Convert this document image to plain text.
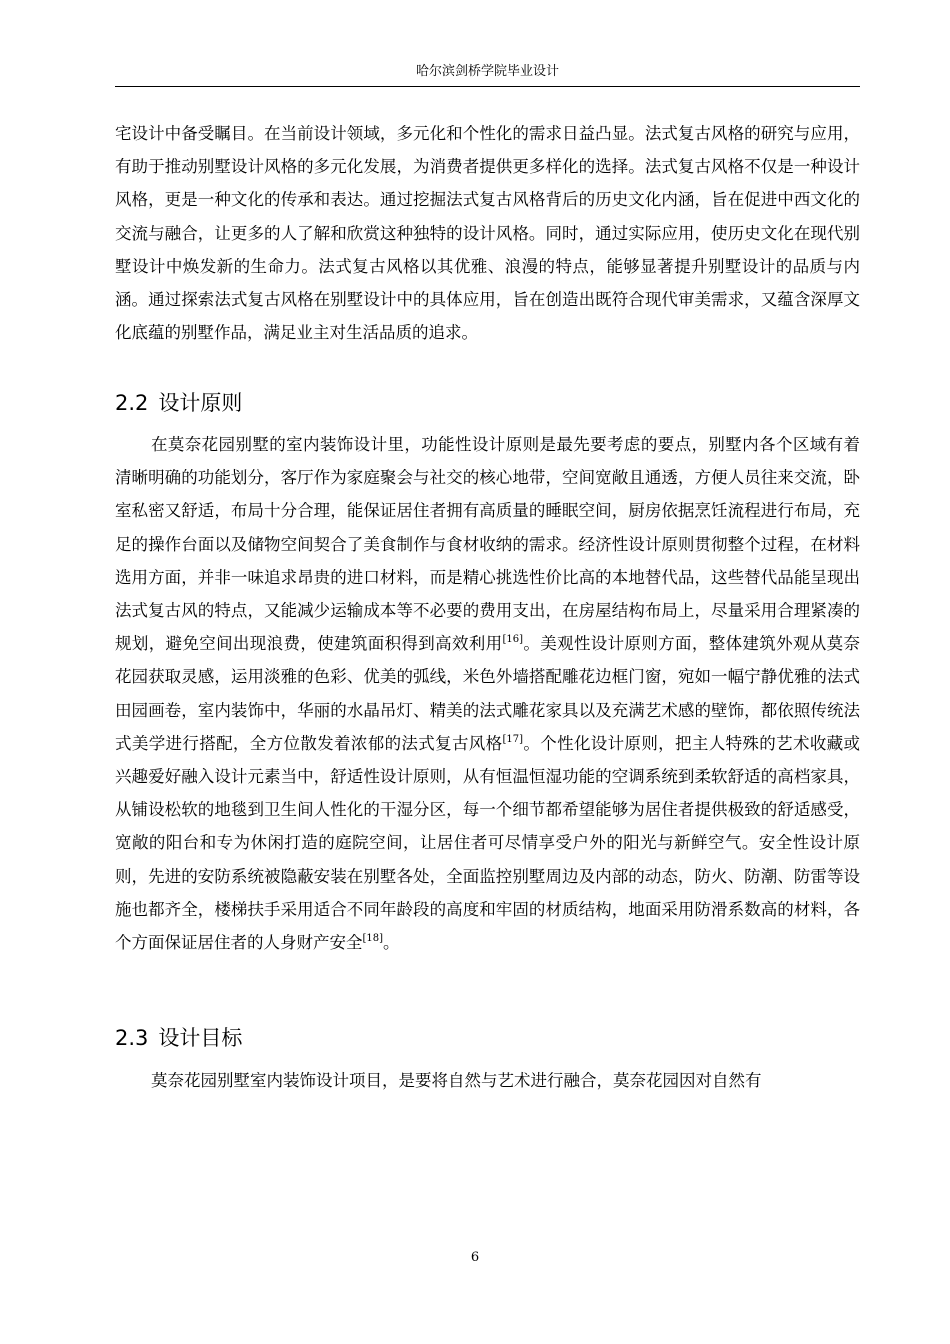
哈尔滨剑桥学院毕业设计

宅设计中备受瞩目。在当前设计领域，多元化和个性化的需求日益凸显。法式复古风格的研究与应用，有助于推动别墅设计风格的多元化发展，为消费者提供更多样化的选择。法式复古风格不仅是一种设计风格，更是一种文化的传承和表达。通过挖掘法式复古风格背后的历史文化内涵，旨在促进中西文化的交流与融合，让更多的人了解和欣赏这种独特的设计风格。同时，通过实际应用，使历史文化在现代别墅设计中焕发新的生命力。法式复古风格以其优雅、浪漫的特点，能够显著提升别墅设计的品质与内涵。通过探索法式复古风格在别墅设计中的具体应用，旨在创造出既符合现代审美需求，又蕴含深厚文化底蕴的别墅作品，满足业主对生活品质的追求。

2.2 设计原则

在莫奈花园别墅的室内装饰设计里，功能性设计原则是最先要考虑的要点，别墅内各个区域有着清晰明确的功能划分，客厅作为家庭聚会与社交的核心地带，空间宽敞且通透，方便人员往来交流，卧室私密又舒适，布局十分合理，能保证居住者拥有高质量的睡眠空间，厨房依据烹饪流程进行布局，充足的操作台面以及储物空间契合了美食制作与食材收纳的需求。经济性设计原则贯彻整个过程，在材料选用方面，并非一味追求昂贵的进口材料，而是精心挑选性价比高的本地替代品，这些替代品能呈现出法式复古风的特点，又能减少运输成本等不必要的费用支出，在房屋结构布局上，尽量采用合理紧凑的规划，避免空间出现浪费，使建筑面积得到高效利用[16]。美观性设计原则方面，整体建筑外观从莫奈花园获取灵感，运用淡雅的色彩、优美的弧线，米色外墙搭配雕花边框门窗，宛如一幅宁静优雅的法式田园画卷，室内装饰中，华丽的水晶吊灯、精美的法式雕花家具以及充满艺术感的壁饰，都依照传统法式美学进行搭配，全方位散发着浓郁的法式复古风格[17]。个性化设计原则，把主人特殊的艺术收藏或兴趣爱好融入设计元素当中，舒适性设计原则，从有恒温恒湿功能的空调系统到柔软舒适的高档家具，从铺设松软的地毯到卫生间人性化的干湿分区，每一个细节都希望能够为居住者提供极致的舒适感受，宽敞的阳台和专为休闲打造的庭院空间，让居住者可尽情享受户外的阳光与新鲜空气。安全性设计原则，先进的安防系统被隐蔽安装在别墅各处，全面监控别墅周边及内部的动态，防火、防潮、防雷等设施也都齐全，楼梯扶手采用适合不同年龄段的高度和牢固的材质结构，地面采用防滑系数高的材料，各个方面保证居住者的人身财产安全[18]。

2.3 设计目标

莫奈花园别墅室内装饰设计项目，是要将自然与艺术进行融合，莫奈花园因对自然有

6
